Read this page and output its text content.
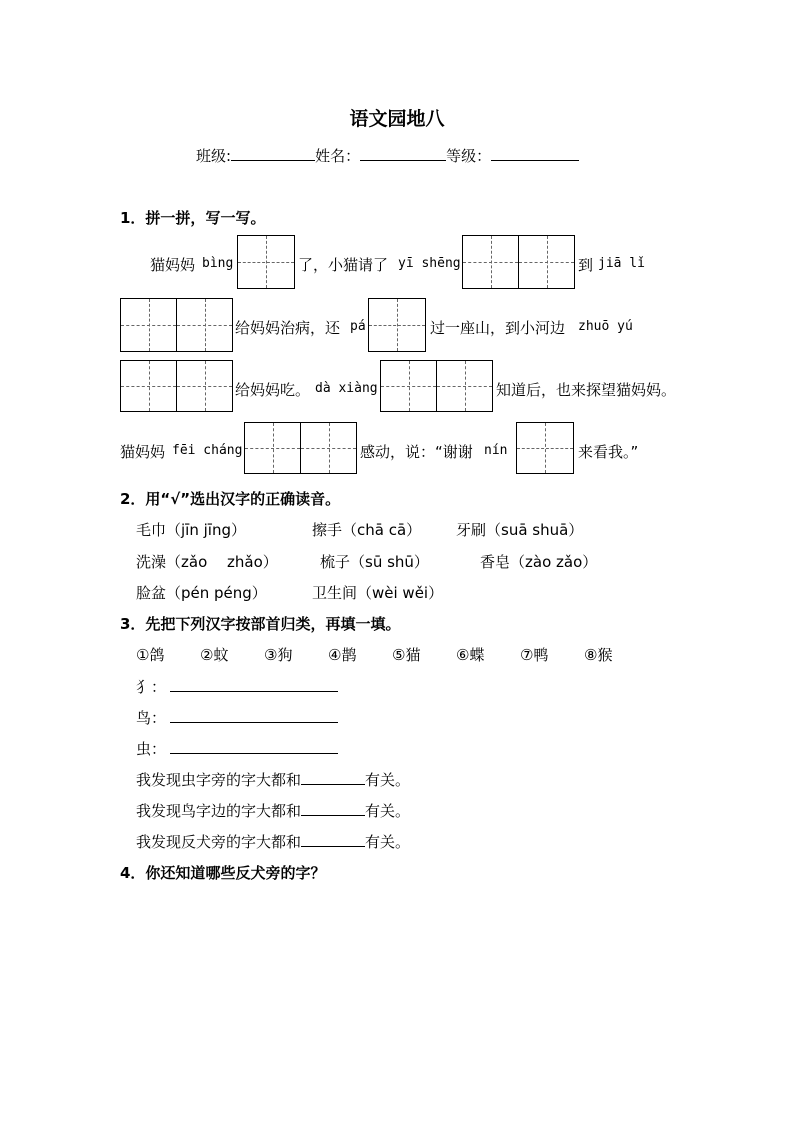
语文园地八
班级:	姓名：	等级：
1．拼一拼，写一写。
猫妈妈 bìng	了，小猫请了 yī shēng	到 jiā lǐ
给妈妈治病，还 pá	过一座山，到小河边 zhuō yú
给妈妈吃。 dà xiàng	知道后，也来探望猫妈妈。
猫妈妈 fēi cháng	感动，说：“谢谢 nín	来看我。”
2．用“√”选出汉字的正确读音。
毛巾（jīn jīng）	擦手（chā cā） 牙刷（suā shuā）
洗澡（zǎo　 zhǎo）	梳子（sū shū）	香皂（zào zǎo）
脸盆（pén péng）	卫生间（wèi wěi）
3．先把下列汉字按部首归类，再填一填。
①鸽 ②蚊 ③狗 ④鹊 ⑤猫 ⑥蝶 ⑦鸭 ⑧猴
犭：
鸟：
虫：
我发现虫字旁的字大都和	有关。
我发现鸟字边的字大都和	有关。
我发现反犬旁的字大都和	有关。
4．你还知道哪些反犬旁的字？
